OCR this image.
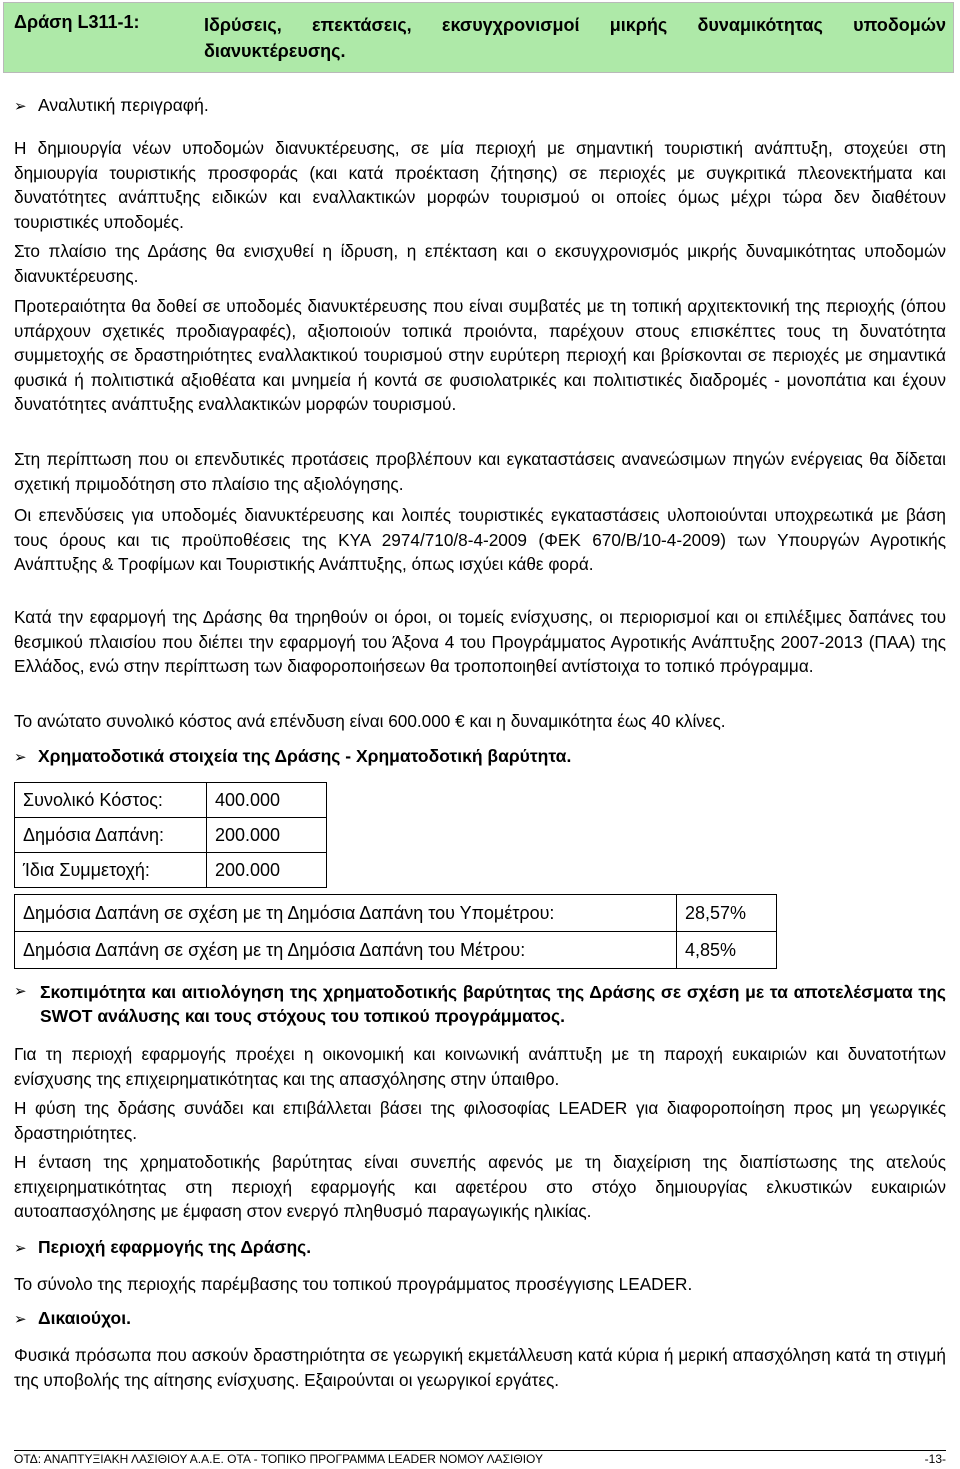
Δράση L311-1:	Ιδρύσεις, επεκτάσεις, εκσυγχρονισμοί μικρής δυναμικότητας υποδομών διανυκτέρευσης.
➢ Αναλυτική περιγραφή.

Η δημιουργία νέων υποδομών διανυκτέρευσης, σε μία περιοχή με σημαντική τουριστική ανάπτυξη, στοχεύει στη δημιουργία τουριστικής προσφοράς (και κατά προέκταση ζήτησης) σε περιοχές με συγκριτικά πλεονεκτήματα και δυνατότητες ανάπτυξης ειδικών και εναλλακτικών μορφών τουρισμού οι οποίες όμως μέχρι τώρα δεν διαθέτουν τουριστικές υποδομές.

Στο πλαίσιο της Δράσης θα ενισχυθεί η ίδρυση, η επέκταση και ο εκσυγχρονισμός μικρής δυναμικότητας υποδομών διανυκτέρευσης.

Προτεραιότητα θα δοθεί σε υποδομές διανυκτέρευσης που είναι συμβατές με τη τοπική αρχιτεκτονική της περιοχής (όπου υπάρχουν σχετικές προδιαγραφές), αξιοποιούν τοπικά προιόντα, παρέχουν στους επισκέπτες τους τη δυνατότητα συμμετοχής σε δραστηριότητες εναλλακτικού τουρισμού στην ευρύτερη περιοχή και βρίσκονται σε περιοχές με σημαντικά φυσικά ή πολιτιστικά αξιοθέατα και μνημεία ή κοντά σε φυσιολατρικές και πολιτιστικές διαδρομές - μονοπάτια και έχουν δυνατότητες ανάπτυξης εναλλακτικών μορφών τουρισμού.

Στη περίπτωση που οι επενδυτικές προτάσεις προβλέπουν και εγκαταστάσεις ανανεώσιμων πηγών ενέργειας θα δίδεται σχετική πριμοδότηση στο πλαίσιο της αξιολόγησης.

Οι επενδύσεις για υποδομές διανυκτέρευσης και λοιπές τουριστικές εγκαταστάσεις υλοποιούνται υποχρεωτικά με βάση τους όρους και τις προϋποθέσεις της ΚΥΑ 2974/710/8-4-2009 (ΦΕΚ 670/Β/10-4-2009) των Υπουργών Αγροτικής Ανάπτυξης & Τροφίμων και Τουριστικής Ανάπτυξης, όπως ισχύει κάθε φορά.

Κατά την εφαρμογή της Δράσης θα τηρηθούν οι όροι, οι τομείς ενίσχυσης, οι περιορισμοί και οι επιλέξιμες δαπάνες του θεσμικού πλαισίου που διέπει την εφαρμογή του Άξονα 4 του Προγράμματος Αγροτικής Ανάπτυξης 2007-2013 (ΠΑΑ) της Ελλάδος, ενώ στην περίπτωση των διαφοροποιήσεων θα τροποποιηθεί αντίστοιχα το τοπικό πρόγραμμα.

Το ανώτατο συνολικό κόστος ανά επένδυση είναι 600.000 € και η δυναμικότητα έως 40 κλίνες.

➢ Χρηματοδοτικά στοιχεία της Δράσης - Χρηματοδοτική βαρύτητα.
Συνολικό Κόστος:	400.000
Δημόσια Δαπάνη:	200.000
Ίδια Συμμετοχή:	200.000
Δημόσια Δαπάνη σε σχέση με τη Δημόσια Δαπάνη του Υπομέτρου:	28,57%
Δημόσια Δαπάνη σε σχέση με τη Δημόσια Δαπάνη του Μέτρου:	4,85%
➢ Σκοπιμότητα και αιτιολόγηση της χρηματοδοτικής βαρύτητας της Δράσης σε σχέση με τα αποτελέσματα της SWOT ανάλυσης και τους στόχους του τοπικού προγράμματος.

Για τη περιοχή εφαρμογής προέχει η οικονομική και κοινωνική ανάπτυξη με τη παροχή ευκαιριών και δυνατοτήτων ενίσχυσης της επιχειρηματικότητας και της απασχόλησης στην ύπαιθρο.

Η φύση της δράσης συνάδει και επιβάλλεται βάσει της φιλοσοφίας LEADER για διαφοροποίηση προς μη γεωργικές δραστηριότητες.

Η ένταση της χρηματοδοτικής βαρύτητας είναι συνεπής αφενός με τη διαχείριση της διαπίστωσης της ατελούς επιχειρηματικότητας στη περιοχή εφαρμογής και αφετέρου στο στόχο δημιουργίας ελκυστικών ευκαιριών αυτοαπασχόλησης με έμφαση στον ενεργό πληθυσμό παραγωγικής ηλικίας.

➢ Περιοχή εφαρμογής της Δράσης.

Το σύνολο της περιοχής παρέμβασης του τοπικού προγράμματος προσέγγισης LEADER.

➢ Δικαιούχοι.

Φυσικά πρόσωπα που ασκούν δραστηριότητα σε γεωργική εκμετάλλευση κατά κύρια ή μερική απασχόληση κατά τη στιγμή της υποβολής της αίτησης ενίσχυσης. Εξαιρούνται οι γεωργικοί εργάτες.

ΟΤΔ: ΑΝΑΠΤΥΞΙΑΚΗ ΛΑΣΙΘΙΟΥ Α.Α.Ε. ΟΤΑ - ΤΟΠΙΚΟ ΠΡΟΓΡΑΜΜΑ LEADER ΝΟΜΟΥ ΛΑΣΙΘΙΟΥ	-13-
